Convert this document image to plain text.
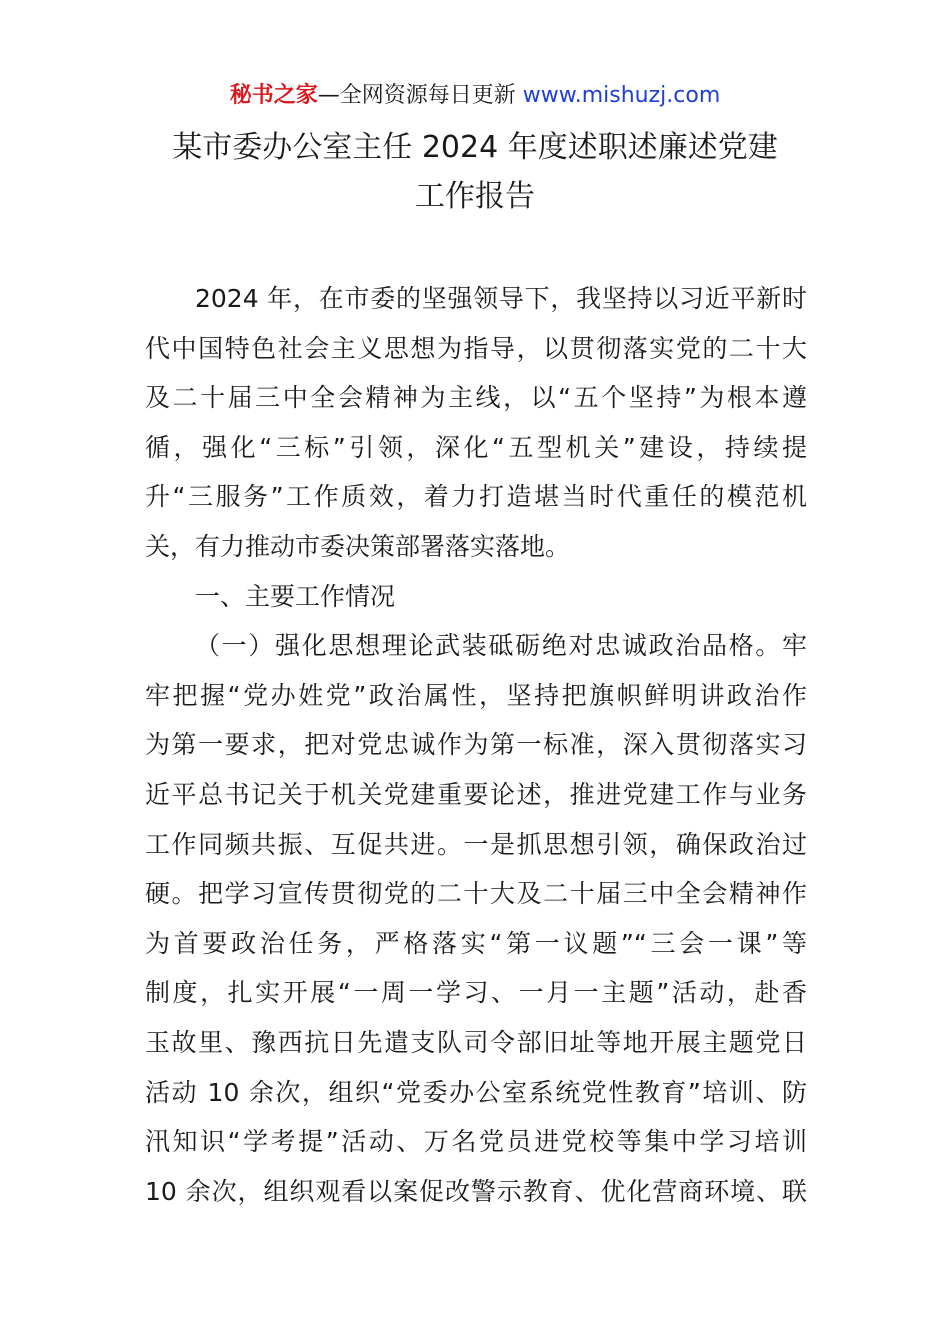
秘书之家—全网资源每日更新 www.mishuzj.com
某市委办公室主任 2024 年度述职述廉述党建
工作报告
2024 年，在市委的坚强领导下，我坚持以习近平新时
代中国特色社会主义思想为指导，以贯彻落实党的二十大
及二十届三中全会精神为主线，以“五个坚持”为根本遵
循，强化“三标”引领，深化“五型机关”建设，持续提
升“三服务”工作质效，着力打造堪当时代重任的模范机
关，有力推动市委决策部署落实落地。
一、主要工作情况
（一）强化思想理论武装砥砺绝对忠诚政治品格。牢
牢把握“党办姓党”政治属性，坚持把旗帜鲜明讲政治作
为第一要求，把对党忠诚作为第一标准，深入贯彻落实习
近平总书记关于机关党建重要论述，推进党建工作与业务
工作同频共振、互促共进。一是抓思想引领，确保政治过
硬。把学习宣传贯彻党的二十大及二十届三中全会精神作
为首要政治任务，严格落实“第一议题”“三会一课”等
制度，扎实开展“一周一学习、一月一主题”活动，赴香
玉故里、豫西抗日先遣支队司令部旧址等地开展主题党日
活动 10 余次，组织“党委办公室系统党性教育”培训、防
汛知识“学考提”活动、万名党员进党校等集中学习培训
10 余次，组织观看以案促改警示教育、优化营商环境、联
